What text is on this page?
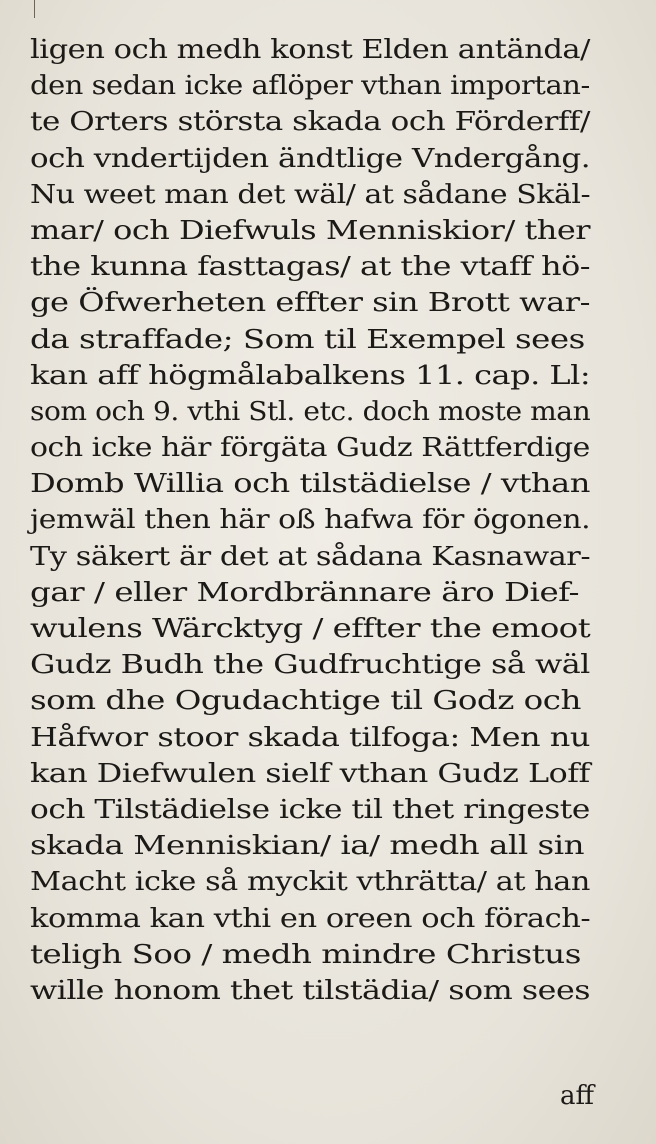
ligen och medh konst Elden antända/
den sedan icke aflöper vthan importan-
te Orters största skada och Förderff/
och vndertijden ändtlige Vndergång.
Nu weet man det wäl/ at sådane Skäl-
mar/ och Diefwuls Menniskior/ ther
the kunna fasttagas/ at the vtaff hö-
ge Öfwerheten effter sin Brott war-
da straffade; Som til Exempel sees
kan aff högmålabalkens 11. cap. Ll:
som och 9. vthi Stl. etc. doch moste man
och icke här förgäta Gudz Rättferdige
Domb Willia och tilstädielse / vthan
jemwäl then här oß hafwa för ögonen.
Ty säkert är det at sådana Kasnawar-
gar / eller Mordbrännare äro Dief-
wulens Wärcktyg / effter the emoot
Gudz Budh the Gudfruchtige så wäl
som dhe Ogudachtige til Godz och
Håfwor stoor skada tilfoga: Men nu
kan Diefwulen sielf vthan Gudz Loff
och Tilstädielse icke til thet ringeste
skada Menniskian/ ia/ medh all sin
Macht icke så myckit vthrätta/ at han
komma kan vthi en oreen och förach-
teligh Soo / medh mindre Christus
wille honom thet tilstädia/ som sees
aff
